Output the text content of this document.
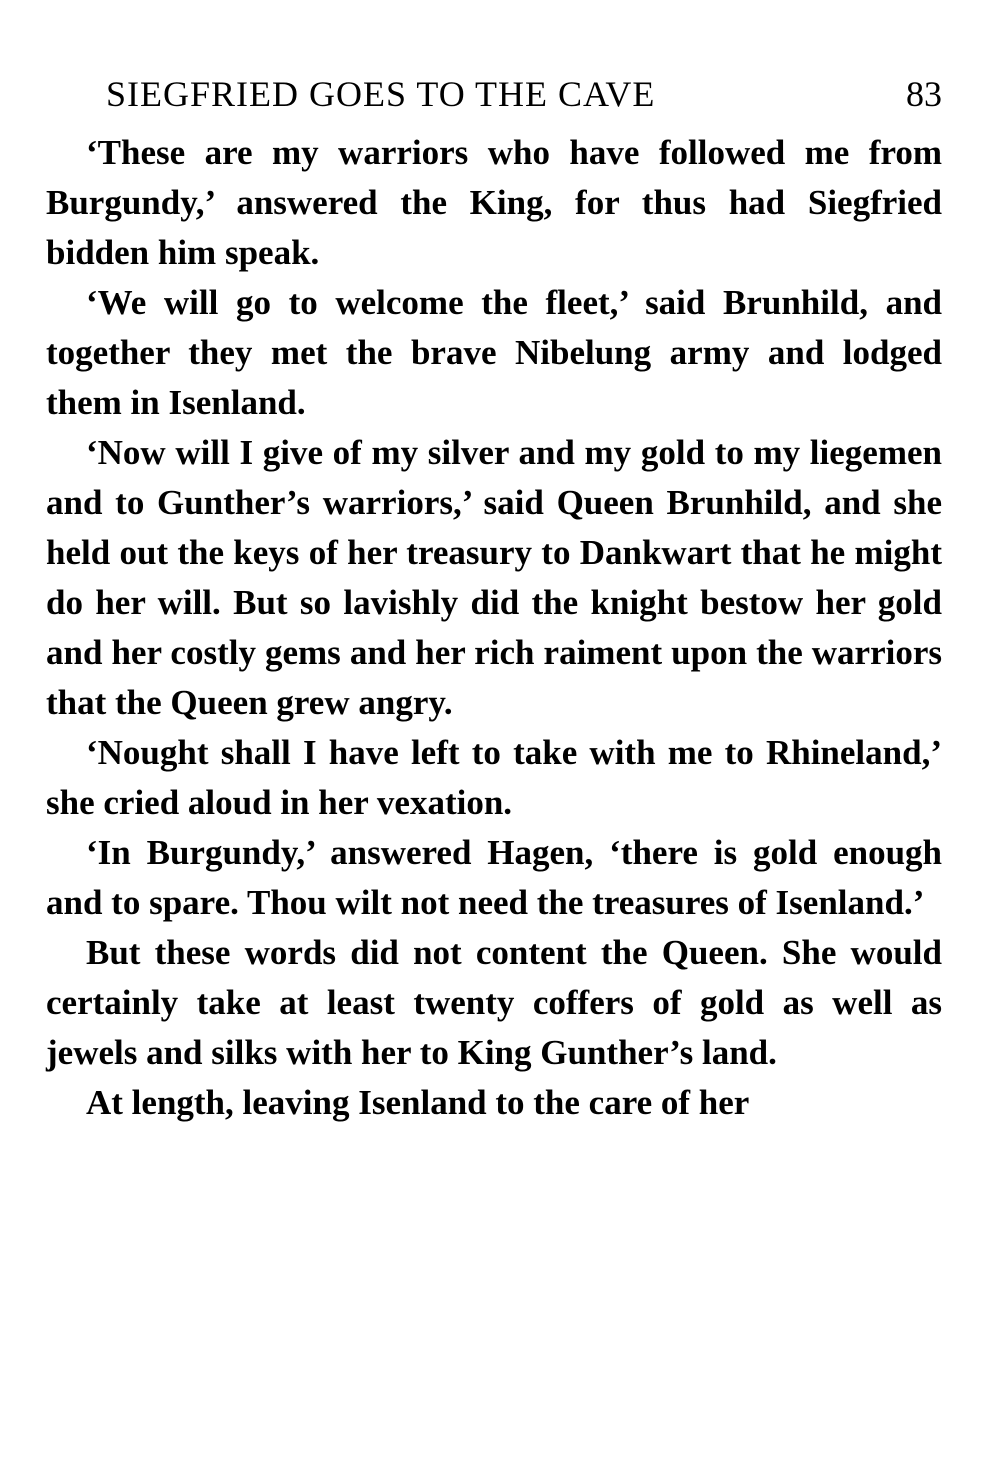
SIEGFRIED GOES TO THE CAVE	83

‘These are my warriors who have followed me from Burgundy,’ answered the King, for thus had Siegfried bidden him speak.

‘We will go to welcome the fleet,’ said Brunhild, and together they met the brave Nibelung army and lodged them in Isenland.

‘Now will I give of my silver and my gold to my liegemen and to Gunther’s warriors,’ said Queen Brunhild, and she held out the keys of her treasury to Dankwart that he might do her will. But so lavishly did the knight bestow her gold and her costly gems and her rich raiment upon the warriors that the Queen grew angry.

‘Nought shall I have left to take with me to Rhineland,’ she cried aloud in her vexation.

‘In Burgundy,’ answered Hagen, ‘there is gold enough and to spare. Thou wilt not need the treasures of Isenland.’

But these words did not content the Queen. She would certainly take at least twenty coffers of gold as well as jewels and silks with her to King Gunther’s land.

At length, leaving Isenland to the care of her
